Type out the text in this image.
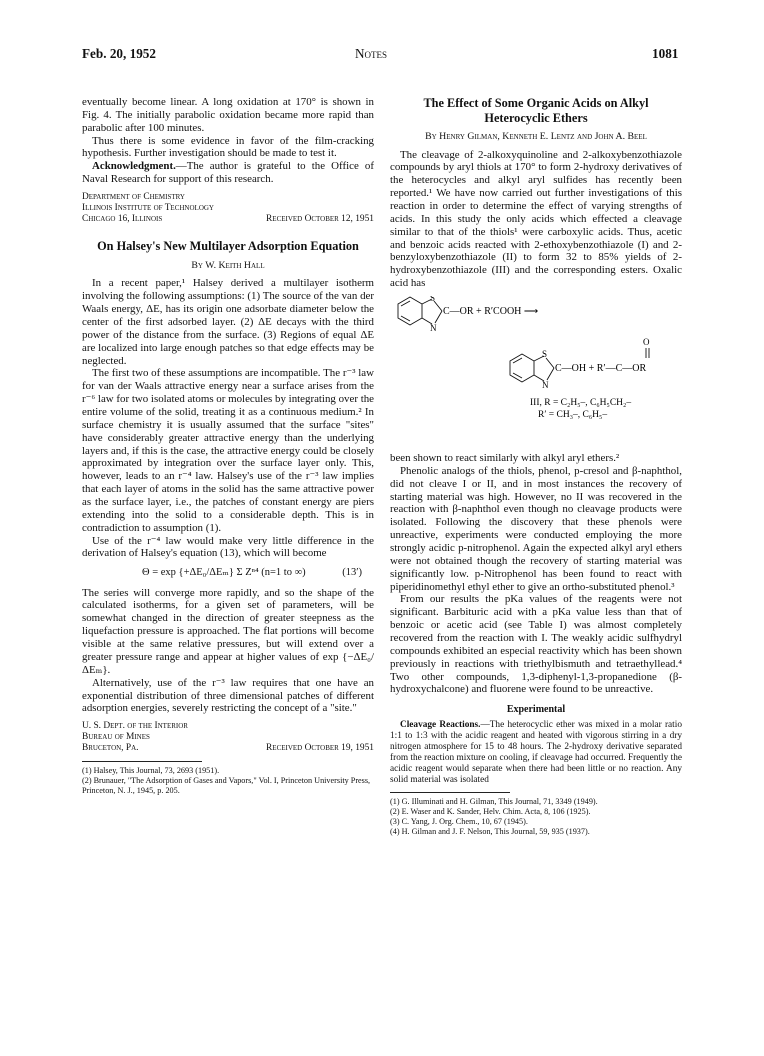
Feb. 20, 1952	Notes	1081

eventually become linear. A long oxidation at 170° is shown in Fig. 4. The initially parabolic oxidation became more rapid than parabolic after 100 minutes.

Thus there is some evidence in favor of the film-cracking hypothesis. Further investigation should be made to test it.

Acknowledgment.—The author is grateful to the Office of Naval Research for support of this research.

Department of Chemistry
Illinois Institute of Technology
Chicago 16, Illinois	Received October 12, 1951
On Halsey's New Multilayer Adsorption Equation
By W. Keith Hall

In a recent paper,¹ Halsey derived a multilayer isotherm involving the following assumptions: (1) The source of the van der Waals energy, ΔE, has its origin one adsorbate diameter below the center of the first adsorbed layer. (2) ΔE decays with the third power of the distance from the surface. (3) Regions of equal ΔE are localized into large enough patches so that edge effects may be neglected.

The first two of these assumptions are incompatible. The r⁻³ law for van der Waals attractive energy near a surface arises from the r⁻⁶ law for two isolated atoms or molecules by integrating over the entire volume of the solid, treating it as a continuous medium.² In surface chemistry it is usually assumed that the surface "sites" have considerably greater attractive energy than the underlying layers and, if this is the case, the attractive energy could be closely approximated by integration over the surface layer only. This, however, leads to an r⁻⁴ law. Halsey's use of the r⁻³ law implies that each layer of atoms in the solid has the same attractive power as the surface layer, i.e., the patches of constant energy are piers extending into the solid to a considerable depth. This is in contradiction to assumption (1).

Use of the r⁻⁴ law would make very little difference in the derivation of Halsey's equation (13), which will become

Θ = exp {+ΔE₀/ΔEₘ} Σ Zⁿ⁴ (n=1 to ∞)	(13′)

The series will converge more rapidly, and so the shape of the calculated isotherms, for a given set of parameters, will be somewhat changed in the direction of greater steepness as the liquefaction pressure is approached. The flat portions will become visible at the same relative pressures, but will extend over a greater pressure range and appear at higher values of exp {−ΔE₀/ΔEₘ}.

Alternatively, use of the r⁻³ law requires that one have an exponential distribution of three dimensional patches of different adsorption energies, severely restricting the concept of a "site."

U. S. Dept. of the Interior
Bureau of Mines
Bruceton, Pa.	Received October 19, 1951
(1) Halsey, This Journal, 73, 2693 (1951).
(2) Brunauer, "The Adsorption of Gases and Vapors," Vol. I, Princeton University Press, Princeton, N. J., 1945, p. 205.
The Effect of Some Organic Acids on Alkyl Heterocyclic Ethers
By Henry Gilman, Kenneth E. Lentz and John A. Beel

The cleavage of 2-alkoxyquinoline and 2-alkoxybenzothiazole compounds by aryl thiols at 170° to form 2-hydroxy derivatives of the heterocycles and alkyl aryl sulfides has recently been reported.¹ We have now carried out further investigations of this reaction in order to determine the effect of varying strengths of acids. In this study the only acids which effected a cleavage similar to that of the thiols¹ were carboxylic acids. Thus, acetic and benzoic acids reacted with 2-ethoxybenzothiazole (I) and 2-benzyloxybenzothiazole (II) to form 32 to 85% yields of 2-hydroxybenzothiazole (III) and the corresponding esters. Oxalic acid has

S
N
C—OR + R′COOH ⟶
S
N
O
C—OH + R′—C—OR
III, R = C₂H₅–, C₆H₅CH₂–
R′ = CH₃–, C₆H₅–

been shown to react similarly with alkyl aryl ethers.²

Phenolic analogs of the thiols, phenol, p-cresol and β-naphthol, did not cleave I or II, and in most instances the recovery of starting material was high. However, no II was recovered in the reaction with β-naphthol even though no cleavage products were isolated. Following the discovery that these phenols were unreactive, experiments were conducted employing the more strongly acidic p-nitrophenol. Again the expected alkyl aryl ethers were not obtained though the recovery of starting material was significantly low. p-Nitrophenol has been found to react with piperidinomethyl ethyl ether to give an ortho-substituted phenol.³

From our results the pKa values of the reagents were not significant. Barbituric acid with a pKa value less than that of benzoic or acetic acid (see Table I) was almost completely recovered from the reaction with I. The weakly acidic sulfhydryl compounds exhibited an especial reactivity which has been shown previously in reactions with triethylbismuth and tetraethyllead.⁴ Two other compounds, 1,3-diphenyl-1,3-propanedione (β-hydroxychalcone) and fluorene were found to be unreactive.

Experimental

Cleavage Reactions.—The heterocyclic ether was mixed in a molar ratio 1:1 to 1:3 with the acidic reagent and heated with vigorous stirring in a dry nitrogen atmosphere for 15 to 48 hours. The 2-hydroxy derivative separated from the reaction mixture on cooling, if cleavage had occurred. Frequently the acidic reagent would separate when there had been little or no reaction. Any solid material was isolated

(1) G. Illuminati and H. Gilman, This Journal, 71, 3349 (1949).
(2) E. Waser and K. Sander, Helv. Chim. Acta, 8, 106 (1925).
(3) C. Yang, J. Org. Chem., 10, 67 (1945).
(4) H. Gilman and J. F. Nelson, This Journal, 59, 935 (1937).
